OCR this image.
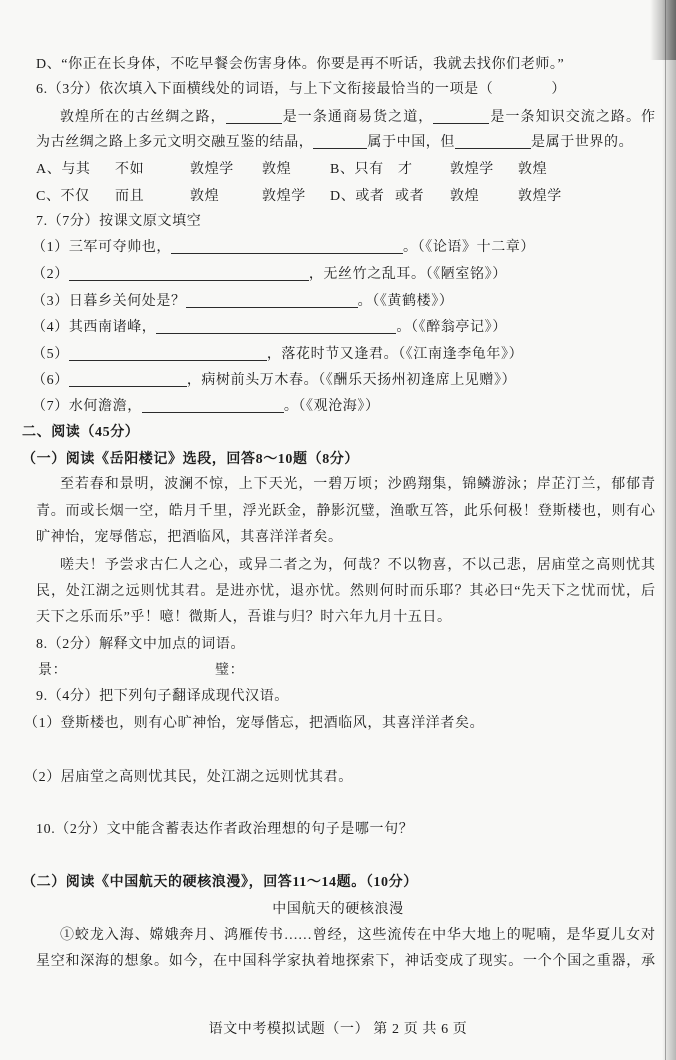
D、“你正在长身体，不吃早餐会伤害身体。你要是再不听话，我就去找你们老师。”
6.（3分）依次填入下面横线处的词语，与上下文衔接最恰当的一项是（	）
敦煌所在的古丝绸之路，	是一条通商易货之道，	是一条知识交流之路。作
为古丝绸之路上多元文明交融互鉴的结晶，	属于中国，但	是属于世界的。
A、与其 不如	敦煌学 敦煌	B、只有 才	敦煌学 敦煌
C、不仅 而且	敦煌	敦煌学 D、或者 或者 敦煌	敦煌学
7.（7分）按课文原文填空
（1）三军可夺帅也，	。（《论语》十二章）
（2）	，无丝竹之乱耳。（《陋室铭》）
（3）日暮乡关何处是？	。（《黄鹤楼》）
（4）其西南诸峰，	。（《醉翁亭记》）
（5）	，落花时节又逢君。（《江南逢李龟年》）
（6）	，病树前头万木春。（《酬乐天扬州初逢席上见赠》）
（7）水何澹澹，	。（《观沧海》）
二、阅读（45分）
（一）阅读《岳阳楼记》选段，回答8～10题（8分）
至若春和景明，波澜不惊，上下天光，一碧万顷；沙鸥翔集，锦鳞游泳；岸芷汀兰，郁郁青
青。而或长烟一空，皓月千里，浮光跃金，静影沉璧，渔歌互答，此乐何极！登斯楼也，则有心
旷神怡，宠辱偕忘，把酒临风，其喜洋洋者矣。
嗟夫！予尝求古仁人之心，或异二者之为，何哉？不以物喜，不以己悲，居庙堂之高则忧其
民，处江湖之远则忧其君。是进亦忧，退亦忧。然则何时而乐耶？其必曰“先天下之忧而忧，后
天下之乐而乐”乎！噫！微斯人，吾谁与归？时六年九月十五日。
8.（2分）解释文中加点的词语。
景：	璧：
9.（4分）把下列句子翻译成现代汉语。
（1）登斯楼也，则有心旷神怡，宠辱偕忘，把酒临风，其喜洋洋者矣。
（2）居庙堂之高则忧其民，处江湖之远则忧其君。
10.（2分）文中能含蓄表达作者政治理想的句子是哪一句？
（二）阅读《中国航天的硬核浪漫》，回答11～14题。（10分）
中国航天的硬核浪漫
①蛟龙入海、嫦娥奔月、鸿雁传书……曾经，这些流传在中华大地上的呢喃，是华夏儿女对
星空和深海的想象。如今，在中国科学家执着地探索下，神话变成了现实。一个个国之重器，承
语文中考模拟试题（一） 第 2 页 共 6 页
